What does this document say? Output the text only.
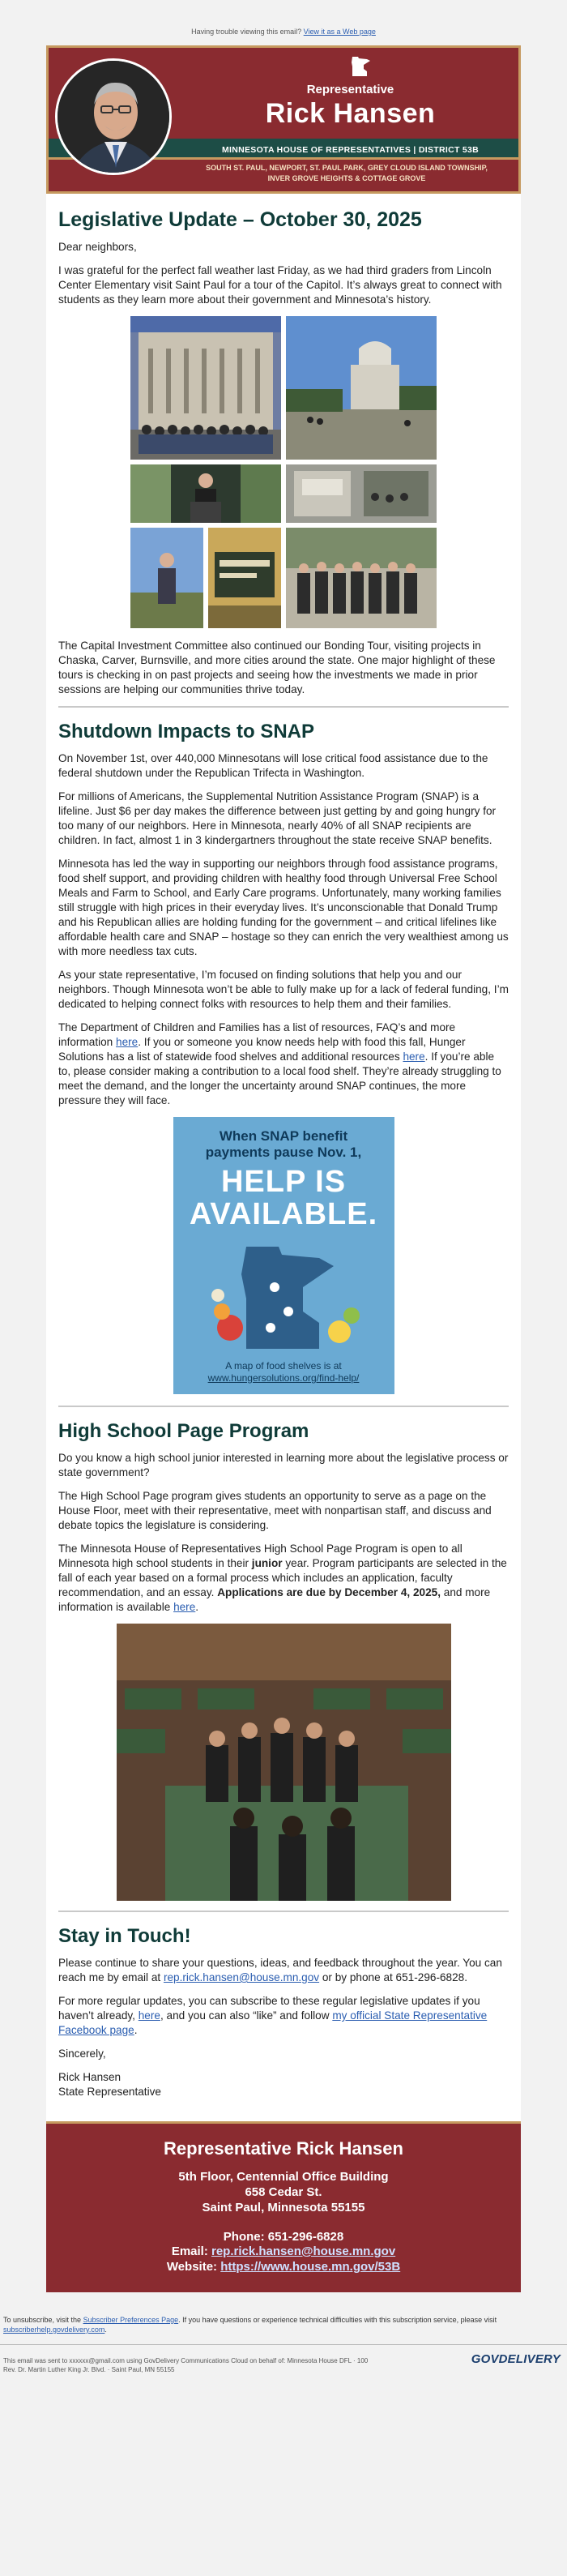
Having trouble viewing this email? View it as a Web page
Representative
Rick Hansen
MINNESOTA HOUSE OF REPRESENTATIVES | DISTRICT 53B
SOUTH ST. PAUL, NEWPORT, ST. PAUL PARK, GREY CLOUD ISLAND TOWNSHIP,
INVER GROVE HEIGHTS & COTTAGE GROVE
Legislative Update – October 30, 2025

Dear neighbors,

I was grateful for the perfect fall weather last Friday, as we had third graders from Lincoln Center Elementary visit Saint Paul for a tour of the Capitol. It’s always great to connect with students as they learn more about their government and Minnesota’s history.

The Capital Investment Committee also continued our Bonding Tour, visiting projects in Chaska, Carver, Burnsville, and more cities around the state. One major highlight of these tours is checking in on past projects and seeing how the investments we made in prior sessions are helping our communities thrive today.

Shutdown Impacts to SNAP

On November 1st, over 440,000 Minnesotans will lose critical food assistance due to the federal shutdown under the Republican Trifecta in Washington.

For millions of Americans, the Supplemental Nutrition Assistance Program (SNAP) is a lifeline. Just $6 per day makes the difference between just getting by and going hungry for too many of our neighbors. Here in Minnesota, nearly 40% of all SNAP recipients are children. In fact, almost 1 in 3 kindergartners throughout the state receive SNAP benefits.

Minnesota has led the way in supporting our neighbors through food assistance programs, food shelf support, and providing children with healthy food through Universal Free School Meals and Farm to School, and Early Care programs. Unfortunately, many working families still struggle with high prices in their everyday lives. It’s unconscionable that Donald Trump and his Republican allies are holding funding for the government – and critical lifelines like affordable health care and SNAP – hostage so they can enrich the very wealthiest among us with more needless tax cuts.

As your state representative, I’m focused on finding solutions that help you and our neighbors. Though Minnesota won’t be able to fully make up for a lack of federal funding, I’m dedicated to helping connect folks with resources to help them and their families.

The Department of Children and Families has a list of resources, FAQ’s and more information here. If you or someone you know needs help with food this fall, Hunger Solutions has a list of statewide food shelves and additional resources here. If you’re able to, please consider making a contribution to a local food shelf. They’re already struggling to meet the demand, and the longer the uncertainty around SNAP continues, the more pressure they will face.

When SNAP benefit
payments pause Nov. 1,
HELP IS
AVAILABLE.
A map of food shelves is at
www.hungersolutions.org/find-help/
High School Page Program

Do you know a high school junior interested in learning more about the legislative process or state government?

The High School Page program gives students an opportunity to serve as a page on the House Floor, meet with their representative, meet with nonpartisan staff, and discuss and debate topics the legislature is considering.

The Minnesota House of Representatives High School Page Program is open to all Minnesota high school students in their junior year. Program participants are selected in the fall of each year based on a formal process which includes an application, faculty recommendation, and an essay. Applications are due by December 4, 2025, and more information is available here.

Stay in Touch!

Please continue to share your questions, ideas, and feedback throughout the year. You can reach me by email at rep.rick.hansen@house.mn.gov or by phone at 651-296-6828.

For more regular updates, you can subscribe to these regular legislative updates if you haven’t already, here, and you can also “like” and follow my official State Representative Facebook page.

Sincerely,

Rick Hansen

State Representative

Representative Rick Hansen
5th Floor, Centennial Office Building
658 Cedar St.
Saint Paul, Minnesota 55155
Phone: 651-296-6828
Email: rep.rick.hansen@house.mn.gov
Website: https://www.house.mn.gov/53B
To unsubscribe, visit the Subscriber Preferences Page. If you have questions or experience technical difficulties with this subscription service, please visit subscriberhelp.govdelivery.com.
This email was sent to xxxxxx@gmail.com using GovDelivery Communications Cloud on behalf of: Minnesota House DFL · 100
Rev. Dr. Martin Luther King Jr. Blvd. · Saint Paul, MN 55155
GOVDELIVERY
